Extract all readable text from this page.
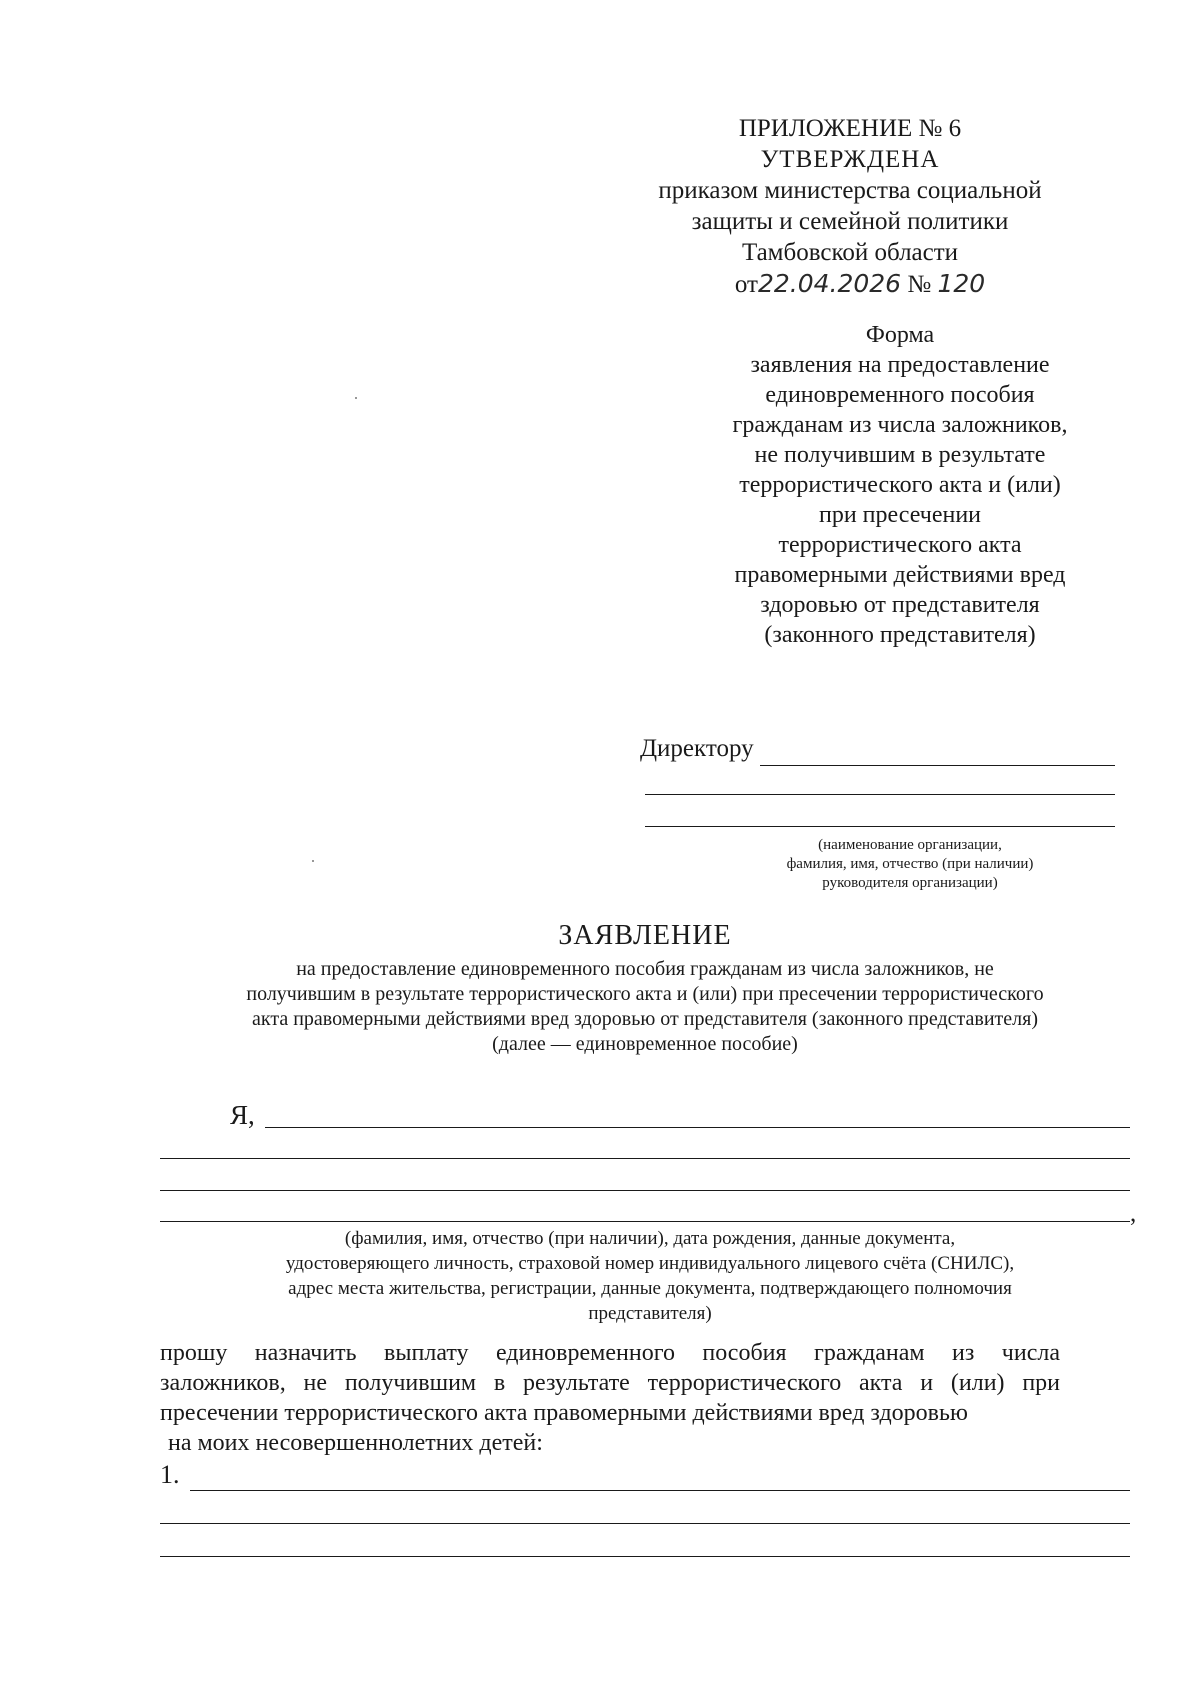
ПРИЛОЖЕНИЕ № 6
УТВЕРЖДЕНА
приказом министерства социальной
защиты и семейной политики
Тамбовской области
от22.04.2026 № 120
Форма
заявления на предоставление
единовременного пособия
гражданам из числа заложников,
не получившим в результате
террористического акта и (или)
при пресечении
террористического акта
правомерными действиями вред
здоровью от представителя
(законного представителя)
Директору
(наименование организации,
фамилия, имя, отчество (при наличии)
руководителя организации)
ЗАЯВЛЕНИЕ
на предоставление единовременного пособия гражданам из числа заложников, не
получившим в результате террористического акта и (или) при пресечении террористического
акта правомерными действиями вред здоровью от представителя (законного представителя)
(далее — единовременное пособие)
Я,
,
(фамилия, имя, отчество (при наличии), дата рождения, данные документа,
удостоверяющего личность, страховой номер индивидуального лицевого счёта (СНИЛС),
адрес места жительства, регистрации, данные документа, подтверждающего полномочия
представителя)
прошу назначить выплату единовременного пособия гражданам из числа
заложников, не получившим в результате террористического акта и (или) при
пресечении террористического акта правомерными действиями вред здоровью
на моих несовершеннолетних детей:
1.
